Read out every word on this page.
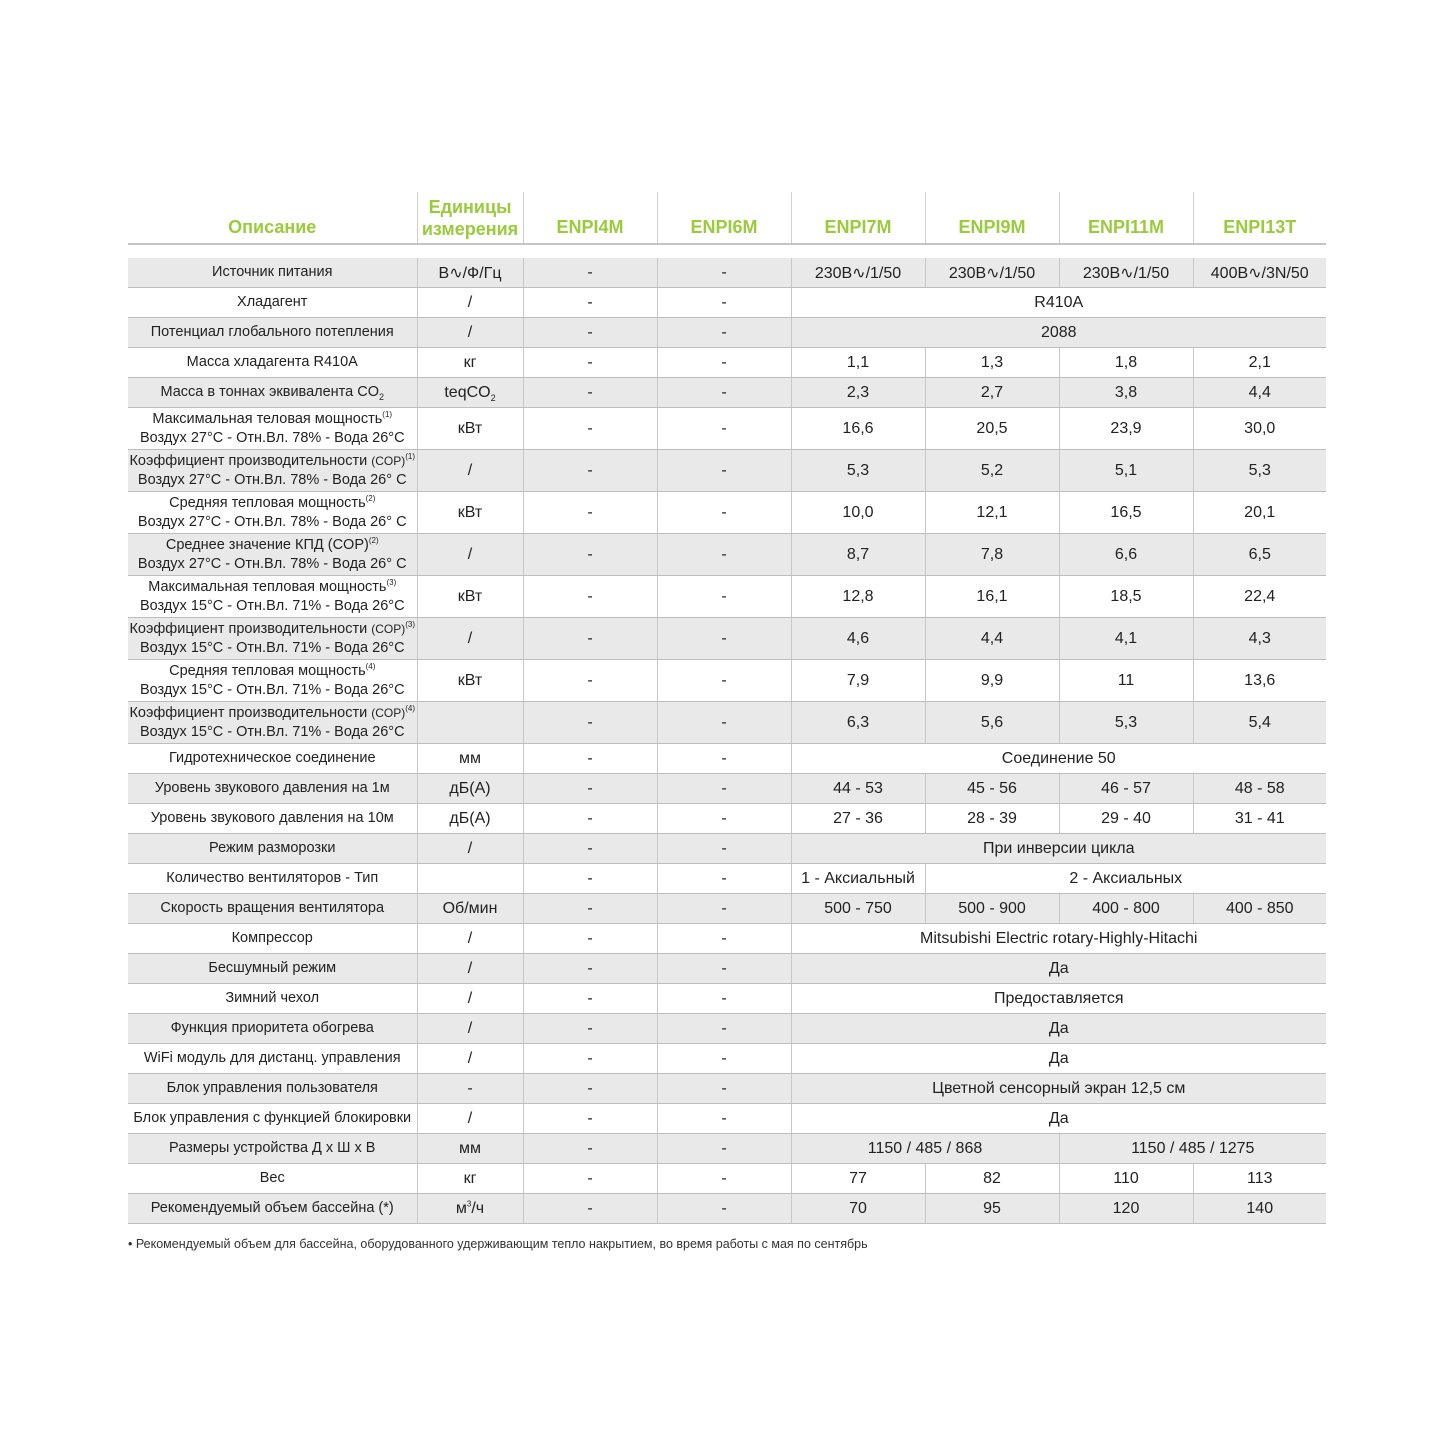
Описание	Единицы измерения	ENPI4M	ENPI6M	ENPI7M	ENPI9M	ENPI11M	ENPI13T

Источник питания	В∿/Ф/Гц	-	-	230В∿/1/50	230В∿/1/50	230В∿/1/50	400В∿/3N/50
Хладагент	/	-	-	R410A			
Потенциал глобального потепления	/	-	-	2088			
Масса хладагента R410A	кг	-	-	1,1	1,3	1,8	2,1
Масса в тоннах эквивалента $CO_2$	teqCO$_2$	-	-	2,3	2,7	3,8	4,4
Максимальная теловая мощность$^{(1)}$
Воздух 27°C - Отн.Вл. 78% - Вода 26°C	кВт	-	-	16,6	20,5	23,9	30,0
Коэффициент производительности (COP)$^{(1)}$
Воздух 27°C - Отн.Вл. 78% - Вода 26° C	/	-	-	5,3	5,2	5,1	5,3
Средняя тепловая мощность$^{(2)}$
Воздух 27°C - Отн.Вл. 78% - Вода 26° C	кВт	-	-	10,0	12,1	16,5	20,1
Среднее значение КПД (COP)$^{(2)}$
Воздух 27°C - Отн.Вл. 78% - Вода 26° C	/	-	-	8,7	7,8	6,6	6,5
Максимальная тепловая мощность$^{(3)}$
Воздух 15°C - Отн.Вл. 71% - Вода 26°C	кВт	-	-	12,8	16,1	18,5	22,4
Коэффициент производительности (COP)$^{(3)}$
Воздух 15°C - Отн.Вл. 71% - Вода 26°C	/	-	-	4,6	4,4	4,1	4,3
Средняя тепловая мощность$^{(4)}$
Воздух 15°C - Отн.Вл. 71% - Вода 26°C	кВт	-	-	7,9	9,9	11	13,6
Коэффициент производительности (COP)$^{(4)}$
Воздух 15°C - Отн.Вл. 71% - Вода 26°C		-	-	6,3	5,6	5,3	5,4
Гидротехническое соединение	мм	-	-	Соединение 50			
Уровень звукового давления на 1м	дБ(А)	-	-	44 - 53	45 - 56	46 - 57	48 - 58
Уровень звукового давления на 10м	дБ(А)	-	-	27 - 36	28 - 39	29 - 40	31 - 41
Режим разморозки	/	-	-	При инверсии цикла			
Количество вентиляторов - Тип		-	-	1 - Аксиальный	2 - Аксиальных		
Скорость вращения вентилятора	Об/мин	-	-	500 - 750	500 - 900	400 - 800	400 - 850
Компрессор	/	-	-	Mitsubishi Electric rotary-Highly-Hitachi			
Бесшумный режим	/	-	-	Да			
Зимний чехол	/	-	-	Предоставляется			
Функция приоритета обогрева	/	-	-	Да			
WiFi модуль для дистанц. управления	/	-	-	Да			
Блок управления пользователя	-	-	-	Цветной сенсорный экран 12,5 см			
Блок управления с функцией блокировки	/	-	-	Да			
Размеры устройства Д х Ш х В	мм	-	-	1150 / 485 / 868		1150 / 485 / 1275	
Вес	кг	-	-	77	82	110	113
Рекомендуемый объем бассейна (*)	м$^3$/ч	-	-	70	95	120	140
• Рекомендуемый объем для бассейна, оборудованного удерживающим тепло накрытием, во время работы с мая по сентябрь
